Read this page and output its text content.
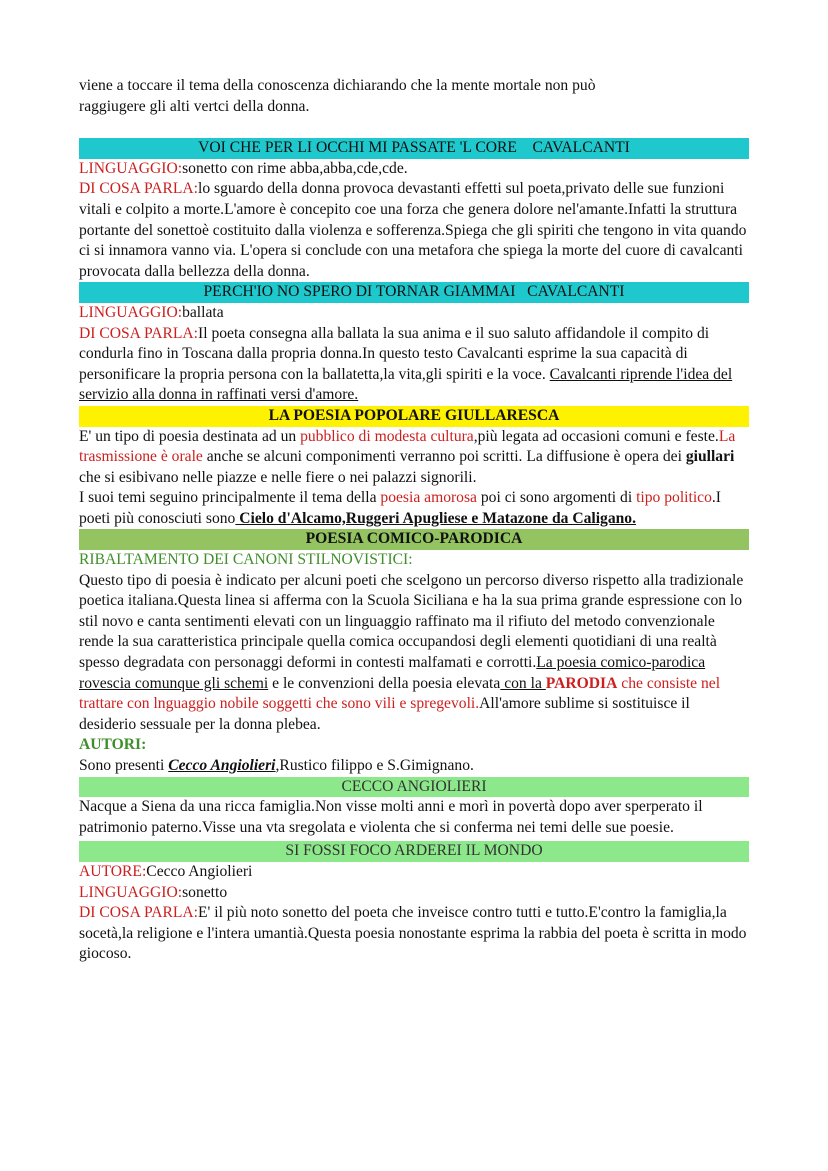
viene a toccare il tema della conoscenza dichiarando che la mente mortale non può
raggiugere gli alti vertci della donna.

VOI CHE PER LI OCCHI MI PASSATE 'L CORE    CAVALCANTI

LINGUAGGIO:sonetto con rime abba,abba,cde,cde.

DI COSA PARLA:lo sguardo della donna provoca devastanti effetti sul poeta,privato delle sue funzioni vitali e colpito a morte.L'amore è concepito coe una forza che genera dolore nel'amante.Infatti la struttura portante del sonettoè costituito dalla violenza e sofferenza.Spiega che gli spiriti che tengono in vita quando ci si innamora vanno via. L'opera si conclude con una metafora che spiega la morte del cuore di cavalcanti provocata dalla bellezza della donna.

PERCH'IO NO SPERO DI TORNAR GIAMMAI   CAVALCANTI

LINGUAGGIO:ballata

DI COSA PARLA:Il poeta consegna alla ballata la sua anima e il suo saluto affidandole il compito di condurla fino in Toscana dalla propria donna.In questo testo Cavalcanti esprime la sua capacità di personificare la propria persona con la ballatetta,la vita,gli spiriti e la voce. Cavalcanti riprende l'idea del servizio alla donna in raffinati versi d'amore.

LA POESIA POPOLARE GIULLARESCA

E' un tipo di poesia destinata ad un pubblico di modesta cultura,più legata ad occasioni comuni e feste.La trasmissione è orale anche se alcuni componimenti verranno poi scritti. La diffusione è opera dei giullari che si esibivano nelle piazze e nelle fiere o nei palazzi signorili.

I suoi temi seguino principalmente il tema della poesia amorosa poi ci sono argomenti di tipo politico.I poeti più conosciuti sono Cielo d'Alcamo,Ruggeri Apugliese e Matazone da Caligano.

POESIA COMICO-PARODICA

RIBALTAMENTO DEI CANONI STILNOVISTICI:

Questo tipo di poesia è indicato per alcuni poeti che scelgono un percorso diverso rispetto alla tradizionale poetica italiana.Questa linea si afferma con la Scuola Siciliana e ha la sua prima grande espressione con lo stil novo e canta sentimenti elevati con un linguaggio raffinato ma il rifiuto del metodo convenzionale rende la sua caratteristica principale quella comica occupandosi degli elementi quotidiani di una realtà spesso degradata con personaggi deformi in contesti malfamati e corrotti.La poesia comico-parodica rovescia comunque gli schemi e le convenzioni della poesia elevata con la PARODIA che consiste nel trattare con lnguaggio nobile soggetti che sono vili e spregevoli.All'amore sublime si sostituisce il desiderio sessuale per la donna plebea.

AUTORI:

Sono presenti Cecco Angiolieri,Rustico filippo e S.Gimignano.

CECCO ANGIOLIERI

Nacque a Siena da una ricca famiglia.Non visse molti anni e morì in povertà dopo aver sperperato il patrimonio paterno.Visse una vta sregolata e violenta che si conferma nei temi delle sue poesie.

SI FOSSI FOCO ARDEREI IL MONDO

AUTORE:Cecco Angiolieri

LINGUAGGIO:sonetto

DI COSA PARLA:E' il più noto sonetto del poeta che inveisce contro tutti e tutto.E'contro la famiglia,la socetà,la religione e l'intera umantià.Questa poesia nonostante esprima la rabbia del poeta è scritta in modo giocoso.
